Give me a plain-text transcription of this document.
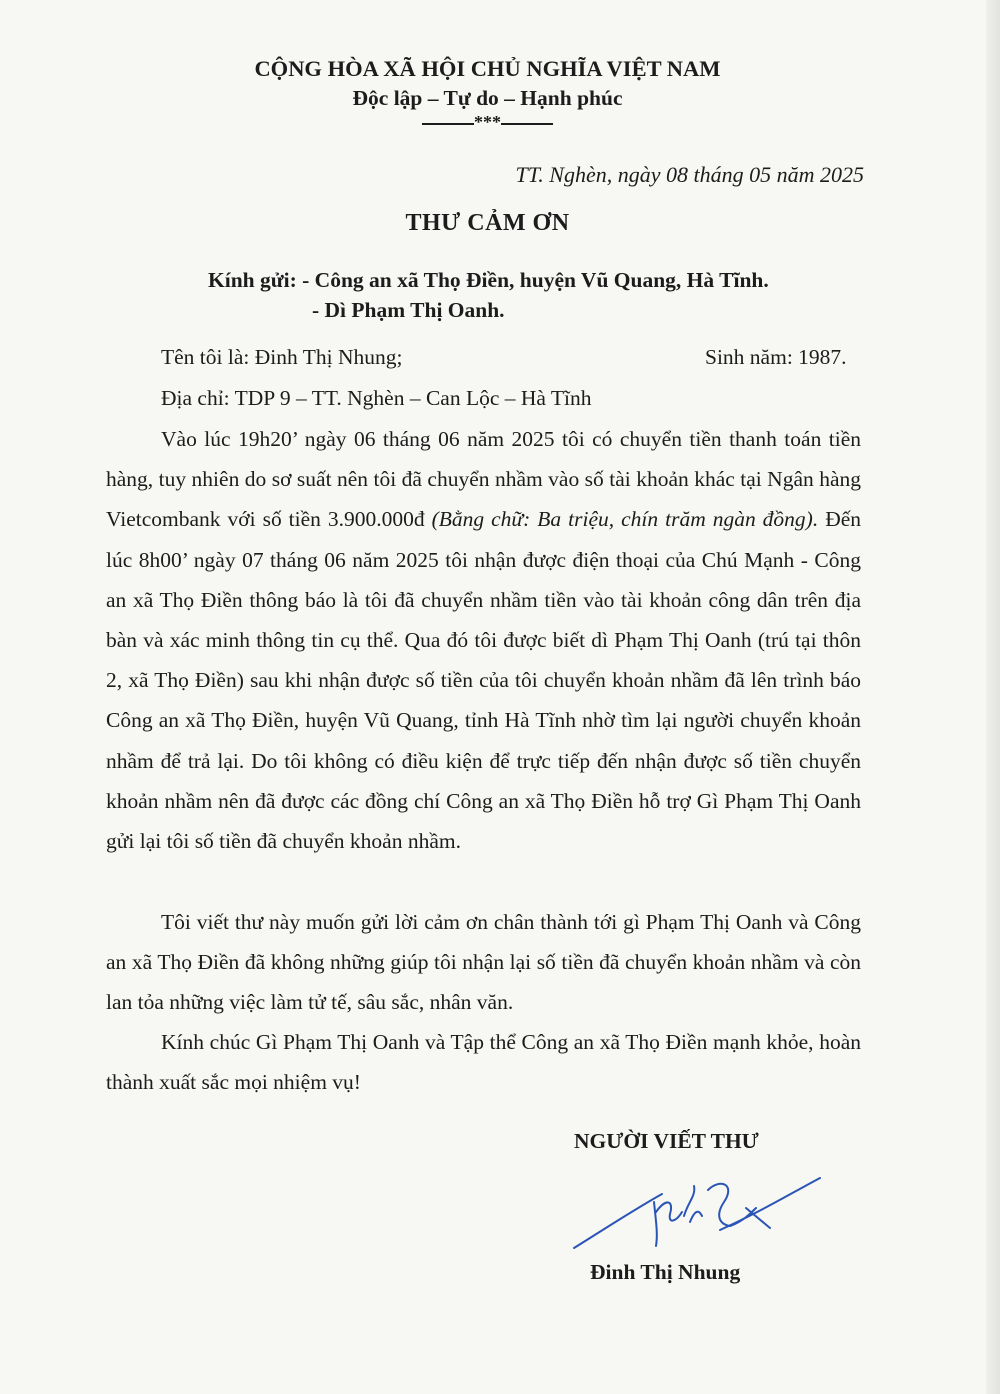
CỘNG HÒA XÃ HỘI CHỦ NGHĨA VIỆT NAM
Độc lập – Tự do – Hạnh phúc
***
TT. Nghèn, ngày 08 tháng 05 năm 2025
THƯ CẢM ƠN
Kính gửi: - Công an xã Thọ Điền, huyện Vũ Quang, Hà Tĩnh.
- Dì Phạm Thị Oanh.
Tên tôi là: Đinh Thị Nhung;	Sinh năm: 1987.
Địa chỉ: TDP 9 – TT. Nghèn – Can Lộc – Hà Tĩnh
Vào lúc 19h20’ ngày 06 tháng 06 năm 2025 tôi có chuyển tiền thanh toán tiền hàng, tuy nhiên do sơ suất nên tôi đã chuyển nhầm vào số tài khoản khác tại Ngân hàng Vietcombank với số tiền 3.900.000đ (Bằng chữ: Ba triệu, chín trăm ngàn đồng). Đến lúc 8h00’ ngày 07 tháng 06 năm 2025 tôi nhận được điện thoại của Chú Mạnh - Công an xã Thọ Điền thông báo là tôi đã chuyển nhầm tiền vào tài khoản công dân trên địa bàn và xác minh thông tin cụ thể. Qua đó tôi được biết dì Phạm Thị Oanh (trú tại thôn 2, xã Thọ Điền) sau khi nhận được số tiền của tôi chuyển khoản nhầm đã lên trình báo Công an xã Thọ Điền, huyện Vũ Quang, tỉnh Hà Tĩnh nhờ tìm lại người chuyển khoản nhầm để trả lại. Do tôi không có điều kiện để trực tiếp đến nhận được số tiền chuyển khoản nhầm nên đã được các đồng chí Công an xã Thọ Điền hỗ trợ Gì Phạm Thị Oanh gửi lại tôi số tiền đã chuyển khoản nhầm.
Tôi viết thư này muốn gửi lời cảm ơn chân thành tới gì Phạm Thị Oanh và Công an xã Thọ Điền đã không những giúp tôi nhận lại số tiền đã chuyển khoản nhầm và còn lan tỏa những việc làm tử tế, sâu sắc, nhân văn.
Kính chúc Gì Phạm Thị Oanh và Tập thể Công an xã Thọ Điền mạnh khỏe, hoàn thành xuất sắc mọi nhiệm vụ!
NGƯỜI VIẾT THƯ
Đinh Thị Nhung
